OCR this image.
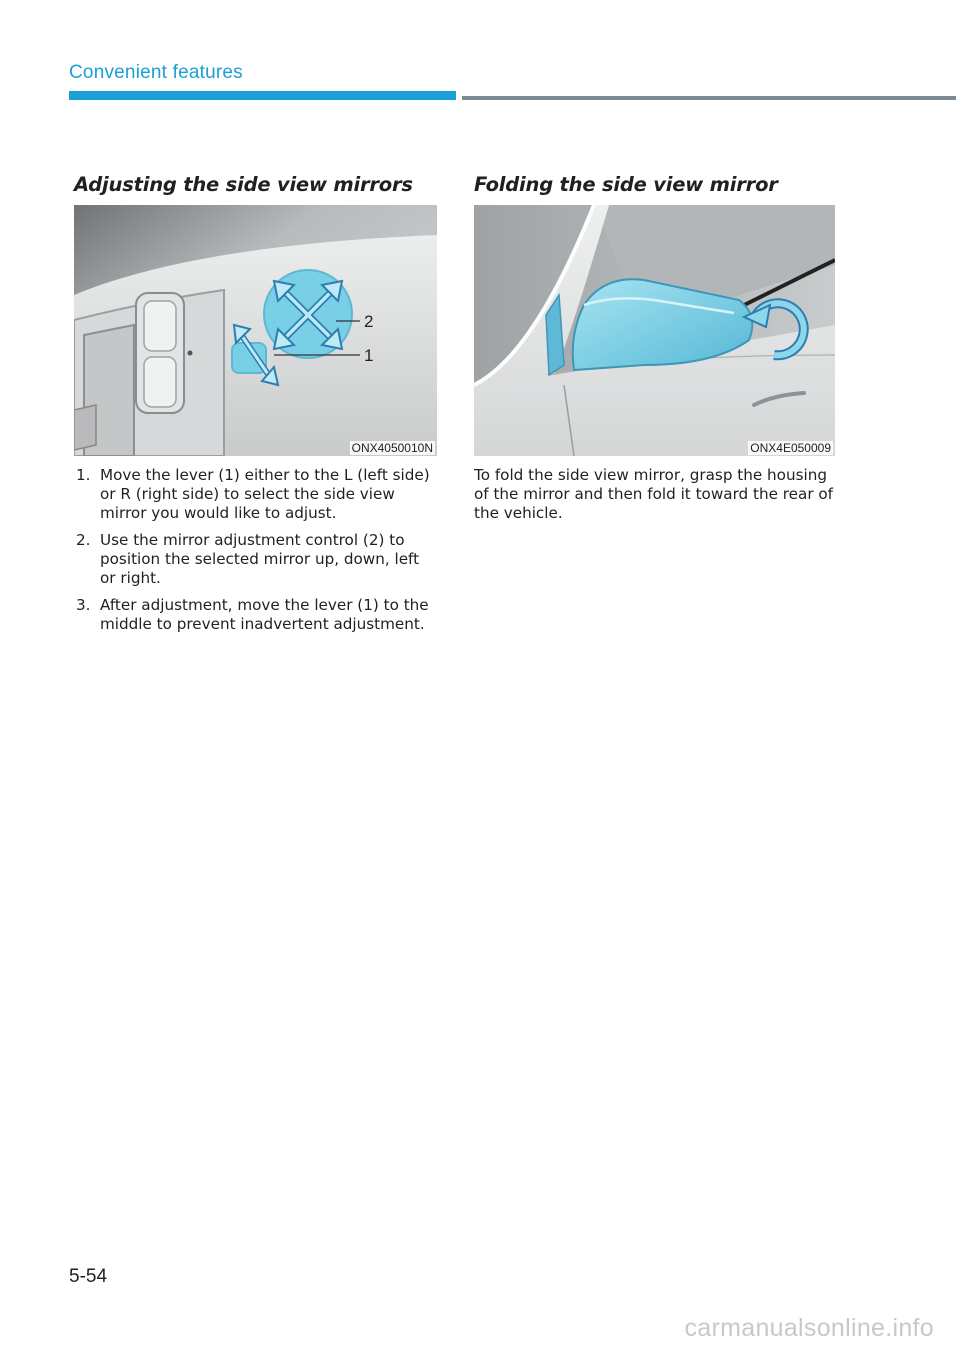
Convenient features
Adjusting the side view mirrors	Folding the side view mirror
2
1
ONX4050010N	ONX4E050009
1. Move the lever (1) either to the L (left side) or R (right side) to select the side view mirror you would like to adjust.
2. Use the mirror adjustment control (2) to position the selected mirror up, down, left or right.
3. After adjustment, move the lever (1) to the middle to prevent inadvertent adjustment.

To fold the side view mirror, grasp the housing of the mirror and then fold it toward the rear of the vehicle.

5-54
carmanualsonline.info
